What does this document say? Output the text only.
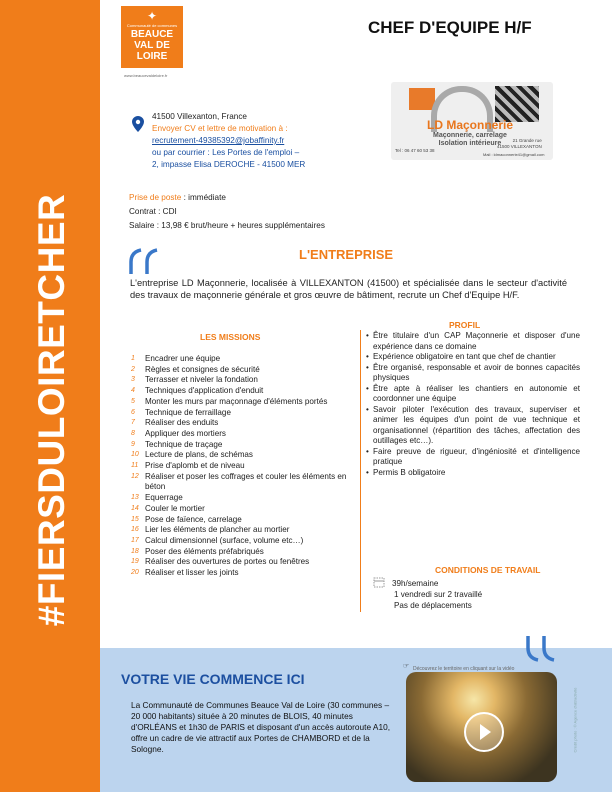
#FIERSDULOIRETCHER
✦
Communauté de communes
BEAUCE
VAL DE
LOIRE
www.beaucevaldeloire.fr
CHEF D'EQUIPE H/F
41500 Villexanton, France
Envoyer CV et lettre de motivation à :
recrutement-49385392@jobaffinity.fr
ou par courrier : Les Portes de l'emploi –
2, impasse Elisa DEROCHE - 41500 MER
LD Maçonnerie
Maçonnerie, carrelage
Isolation intérieure	21 Grande rue
41500 VILLEXANTON
Tel : 06 47 60 53 38
Mail : ldmaconnerie41@gmail.com
Prise de poste : immédiate
Contrat : CDI
Salaire : 13,98 € brut/heure + heures supplémentaires
L'ENTREPRISE
L'entreprise LD Maçonnerie, localisée à VILLEXANTON (41500) et spécialisée dans le secteur d'activité des travaux de maçonnerie générale et gros œuvre de bâtiment, recrute un Chef d'Equipe H/F.
LES MISSIONS
1	Encadrer une équipe
2	Règles et consignes de sécurité
3	Terrasser et niveler la fondation
4	Techniques d'application d'enduit
5	Monter les murs par maçonnage d'éléments portés
6	Technique de ferraillage
7	Réaliser des enduits
8	Appliquer des mortiers
9	Technique de traçage
10 Lecture de plans, de schémas
11 Prise d'aplomb et de niveau
12 Réaliser et poser les coffrages et couler les éléments en béton
13 Equerrage
14 Couler le mortier
15 Pose de faïence, carrelage
16 Lier les éléments de plancher au mortier
17 Calcul dimensionnel (surface, volume etc…)
18 Poser des éléments préfabriqués
19 Réaliser des ouvertures de portes ou fenêtres
20 Réaliser et lisser les joints
PROFIL
• Être titulaire d'un CAP Maçonnerie et disposer d'une expérience dans ce domaine
• Expérience obligatoire en tant que chef de chantier
• Être organisé, responsable et avoir de bonnes capacités physiques
• Être apte à réaliser les chantiers en autonomie et coordonner une équipe
• Savoir piloter l'exécution des travaux, superviser et animer les équipes d'un point de vue technique et organisationnel (répartition des tâches, affectation des outillages etc…).
• Faire preuve de rigueur, d'ingéniosité et d'intelligence pratique
• Permis B obligatoire
CONDITIONS DE TRAVAIL
39h/semaine
1 vendredi sur 2 travaillé
Pas de déplacements
VOTRE VIE COMMENCE ICI
La Communauté de Communes Beauce Val de Loire (30 communes – 20 000 habitants) située à 20 minutes de BLOIS, 40 minutes d'ORLÉANS et 1h30 de PARIS et disposant d'un accès autoroute A10, offre un cadre de vie attractif aux Portes de CHAMBORD et de la Sologne.
☞ Découvrez le territoire en cliquant sur la vidéo
Crédit photo : © Agence d'attractivité
